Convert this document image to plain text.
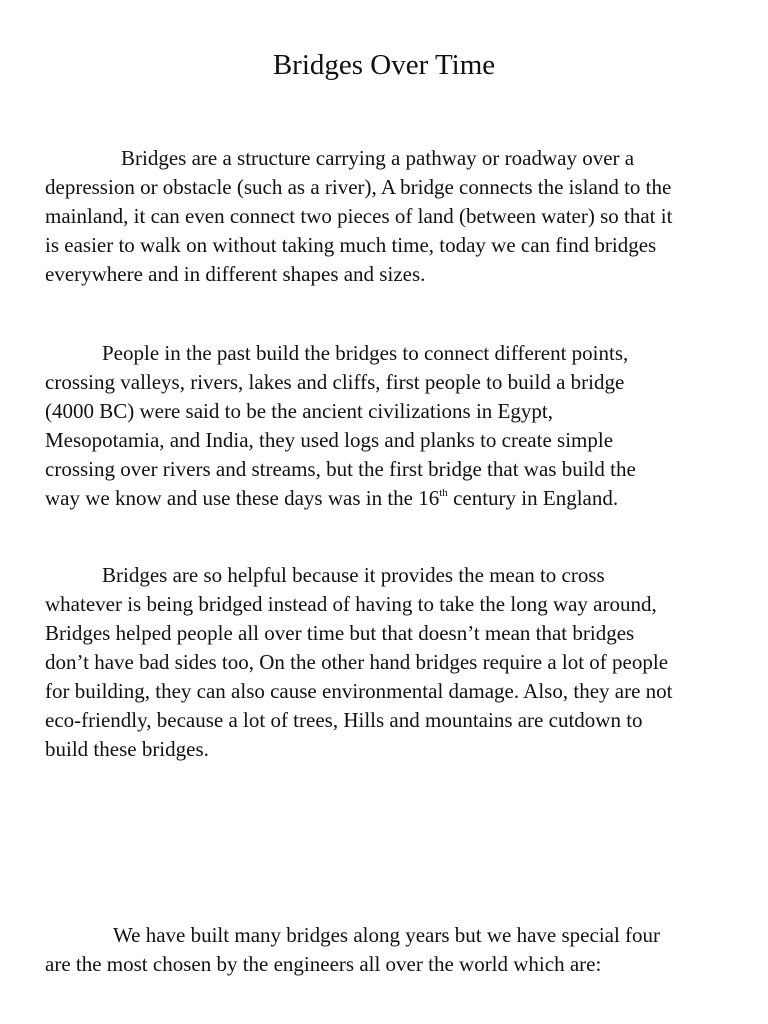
Bridges Over Time

Bridges are a structure carrying a pathway or roadway over a
depression or obstacle (such as a river), A bridge connects the island to the
mainland, it can even connect two pieces of land (between water) so that it
is easier to walk on without taking much time, today we can find bridges
everywhere and in different shapes and sizes.

People in the past build the bridges to connect different points,
crossing valleys, rivers, lakes and cliffs, first people to build a bridge
(4000 BC) were said to be the ancient civilizations in Egypt,
Mesopotamia, and India, they used logs and planks to create simple
crossing over rivers and streams, but the first bridge that was build the
way we know and use these days was in the 16th century in England.

Bridges are so helpful because it provides the mean to cross
whatever is being bridged instead of having to take the long way around,
Bridges helped people all over time but that doesn’t mean that bridges
don’t have bad sides too, On the other hand bridges require a lot of people
for building, they can also cause environmental damage. Also, they are not
eco-friendly, because a lot of trees, Hills and mountains are cutdown to
build these bridges.

We have built many bridges along years but we have special four
are the most chosen by the engineers all over the world which are:
